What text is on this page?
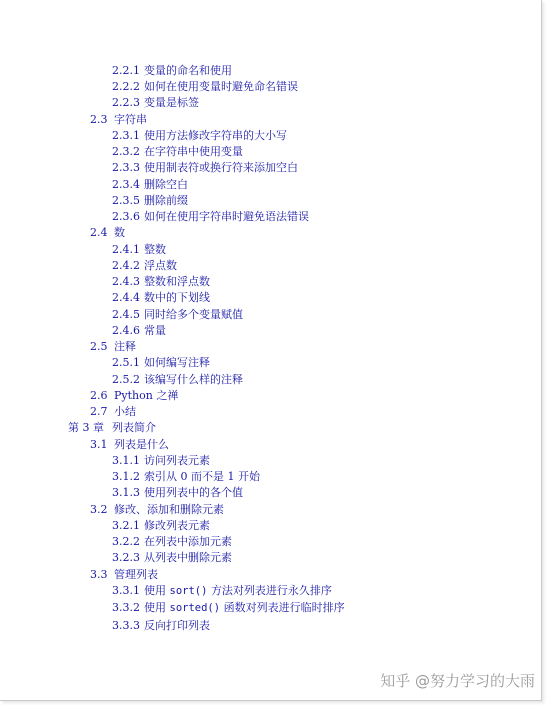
2.2.1 变量的命名和使用
2.2.2 如何在使用变量时避免命名错误
2.2.3 变量是标签
2.3 字符串
2.3.1 使用方法修改字符串的大小写
2.3.2 在字符串中使用变量
2.3.3 使用制表符或换行符来添加空白
2.3.4 删除空白
2.3.5 删除前缀
2.3.6 如何在使用字符串时避免语法错误
2.4 数
2.4.1 整数
2.4.2 浮点数
2.4.3 整数和浮点数
2.4.4 数中的下划线
2.4.5 同时给多个变量赋值
2.4.6 常量
2.5 注释
2.5.1 如何编写注释
2.5.2 该编写什么样的注释
2.6 Python 之禅
2.7 小结
第 3 章 列表简介
3.1 列表是什么
3.1.1 访问列表元素
3.1.2 索引从 0 而不是 1 开始
3.1.3 使用列表中的各个值
3.2 修改、添加和删除元素
3.2.1 修改列表元素
3.2.2 在列表中添加元素
3.2.3 从列表中删除元素
3.3 管理列表
3.3.1 使用 sort() 方法对列表进行永久排序
3.3.2 使用 sorted() 函数对列表进行临时排序
3.3.3 反向打印列表
知乎 @努力学习的大雨
